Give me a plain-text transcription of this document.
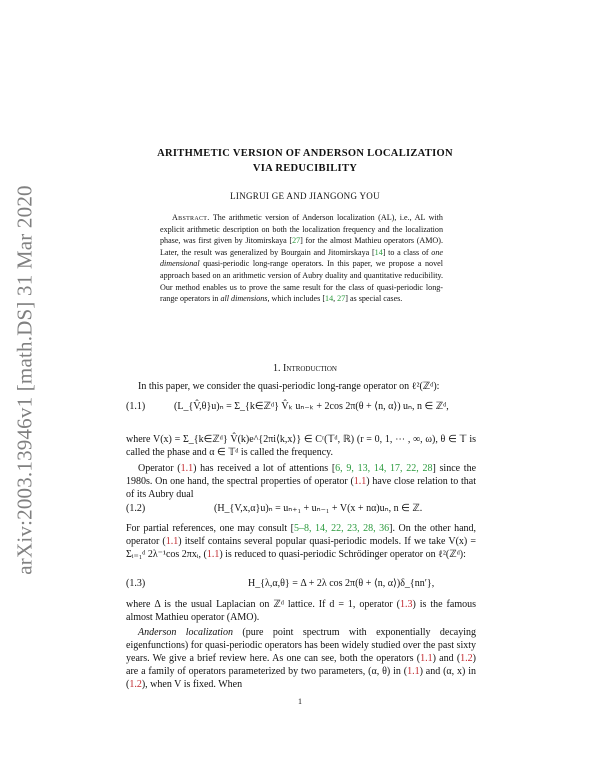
arXiv:2003.13946v1 [math.DS] 31 Mar 2020
ARITHMETIC VERSION OF ANDERSON LOCALIZATION
VIA REDUCIBILITY
LINGRUI GE AND JIANGONG YOU
Abstract. The arithmetic version of Anderson localization (AL), i.e., AL with explicit arithmetic description on both the localization frequency and the localization phase, was first given by Jitomirskaya [27] for the almost Mathieu operators (AMO). Later, the result was generalized by Bourgain and Jitomirskaya [14] to a class of one dimensional quasi-periodic long-range operators. In this paper, we propose a novel approach based on an arithmetic version of Aubry duality and quantitative reducibility. Our method enables us to prove the same result for the class of quasi-periodic long-range operators in all dimensions, which includes [14, 27] as special cases.
1. Introduction
In this paper, we consider the quasi-periodic long-range operator on ℓ²(ℤᵈ):
(1.1)	(L_{V̂,θ}u)ₙ = Σ_{k∈ℤᵈ} V̂ₖ uₙ₋ₖ + 2cos 2π(θ + ⟨n, α⟩) uₙ, n ∈ ℤᵈ,
where V(x) = Σ_{k∈ℤᵈ} V̂(k)e^{2πi⟨k,x⟩} ∈ Cʳ(𝕋ᵈ, ℝ) (r = 0, 1, ⋯ , ∞, ω), θ ∈ 𝕋 is called the phase and α ∈ 𝕋ᵈ is called the frequency.
Operator (1.1) has received a lot of attentions [6, 9, 13, 14, 17, 22, 28] since the 1980s. On one hand, the spectral properties of operator (1.1) have close relation to that of its Aubry dual
(1.2)	(H_{V,x,α}u)ₙ = uₙ₊₁ + uₙ₋₁ + V(x + nα)uₙ, n ∈ ℤ.
For partial references, one may consult [5–8, 14, 22, 23, 28, 36]. On the other hand, operator (1.1) itself contains several popular quasi-periodic models. If we take V(x) = Σᵢ₌₁ᵈ 2λ⁻¹cos 2πxᵢ, (1.1) is reduced to quasi-periodic Schrödinger operator on ℓ²(ℤᵈ):
(1.3)	H_{λ,α,θ} = Δ + 2λ cos 2π(θ + ⟨n, α⟩)δ_{nn′},
where Δ is the usual Laplacian on ℤᵈ lattice. If d = 1, operator (1.3) is the famous almost Mathieu operator (AMO).
Anderson localization (pure point spectrum with exponentially decaying eigenfunctions) for quasi-periodic operators has been widely studied over the past sixty years. We give a brief review here. As one can see, both the operators (1.1) and (1.2) are a family of operators parameterized by two parameters, (α, θ) in (1.1) and (α, x) in (1.2), when V is fixed. When
1
